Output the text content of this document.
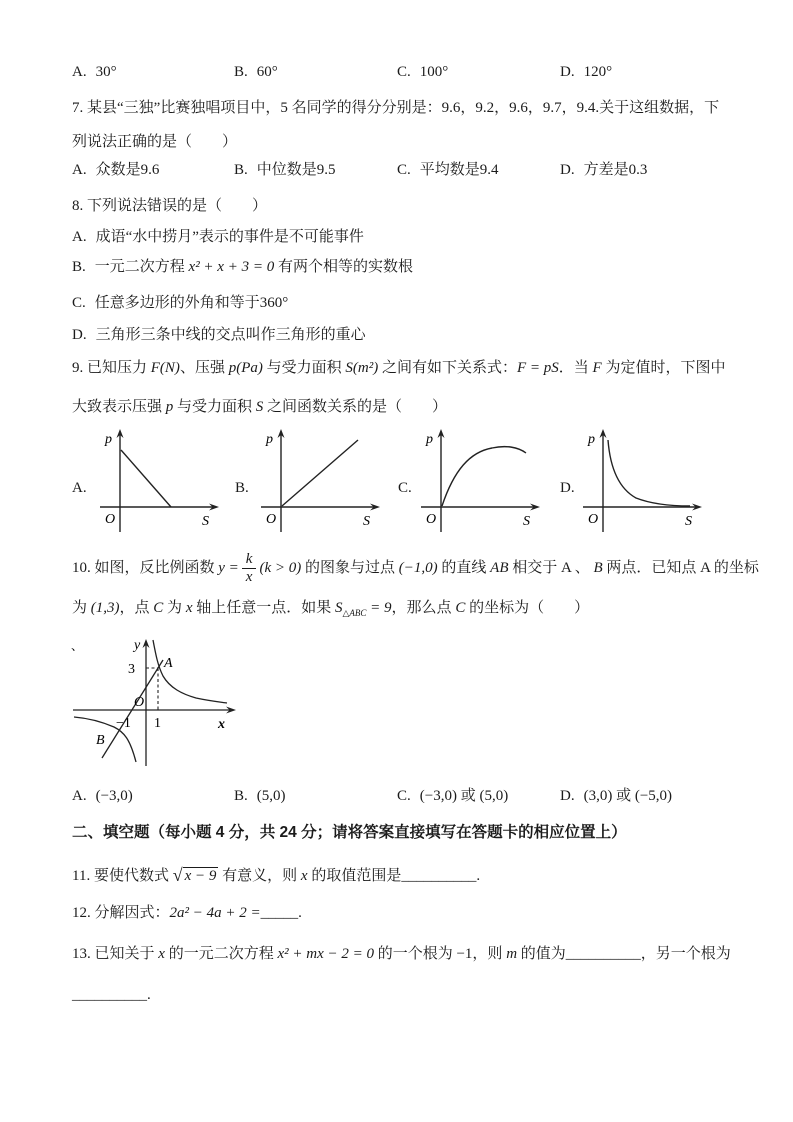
A. 30°	B. 60°	C. 100°	D. 120°
7. 某县“三独”比赛独唱项目中，5 名同学的得分分别是：9.6，9.2，9.6，9.7，9.4.关于这组数据，下
列说法正确的是（　　）
A. 众数是9.6	B. 中位数是9.5	C. 平均数是9.4	D. 方差是0.3
8. 下列说法错误的是（　　）
A. 成语“水中捞月”表示的事件是不可能事件
B. 一元二次方程 x² + x + 3 = 0 有两个相等的实数根
C. 任意多边形的外角和等于360°
D. 三角形三条中线的交点叫作三角形的重心
9. 已知压力 F(N)、压强 p(Pa) 与受力面积 S(m²) 之间有如下关系式：F = pS．当 F 为定值时，下图中
大致表示压强 p 与受力面积 S 之间函数关系的是（　　）
A.
p
O	S
B.
p
O	S
C.
p
O	S
D.
p
O	S
10. 如图，反比例函数 $y = \frac{k}{x} (k > 0)$ 的图象与过点 (−1,0) 的直线 AB 相交于 A 、 B 两点．已知点 A 的坐标
为 (1,3)，点 C 为 x 轴上任意一点．如果 $S_{\triangle ABC} = 9$，那么点 C 的坐标为（　　）
、	y
3 A
O
−1 1	x
B
A. (−3,0)	B. (5,0)	C. (−3,0) 或 (5,0)	D. (3,0) 或 (−5,0)
二、填空题（每小题 4 分，共 24 分；请将答案直接填写在答题卡的相应位置上）
11. 要使代数式 √ x − 9 有意义，则 x 的取值范围是__________.
12. 分解因式：2a² − 4a + 2 =_____.
13. 已知关于 x 的一元二次方程 x² + mx − 2 = 0 的一个根为 −1，则 m 的值为__________，另一个根为
__________.
